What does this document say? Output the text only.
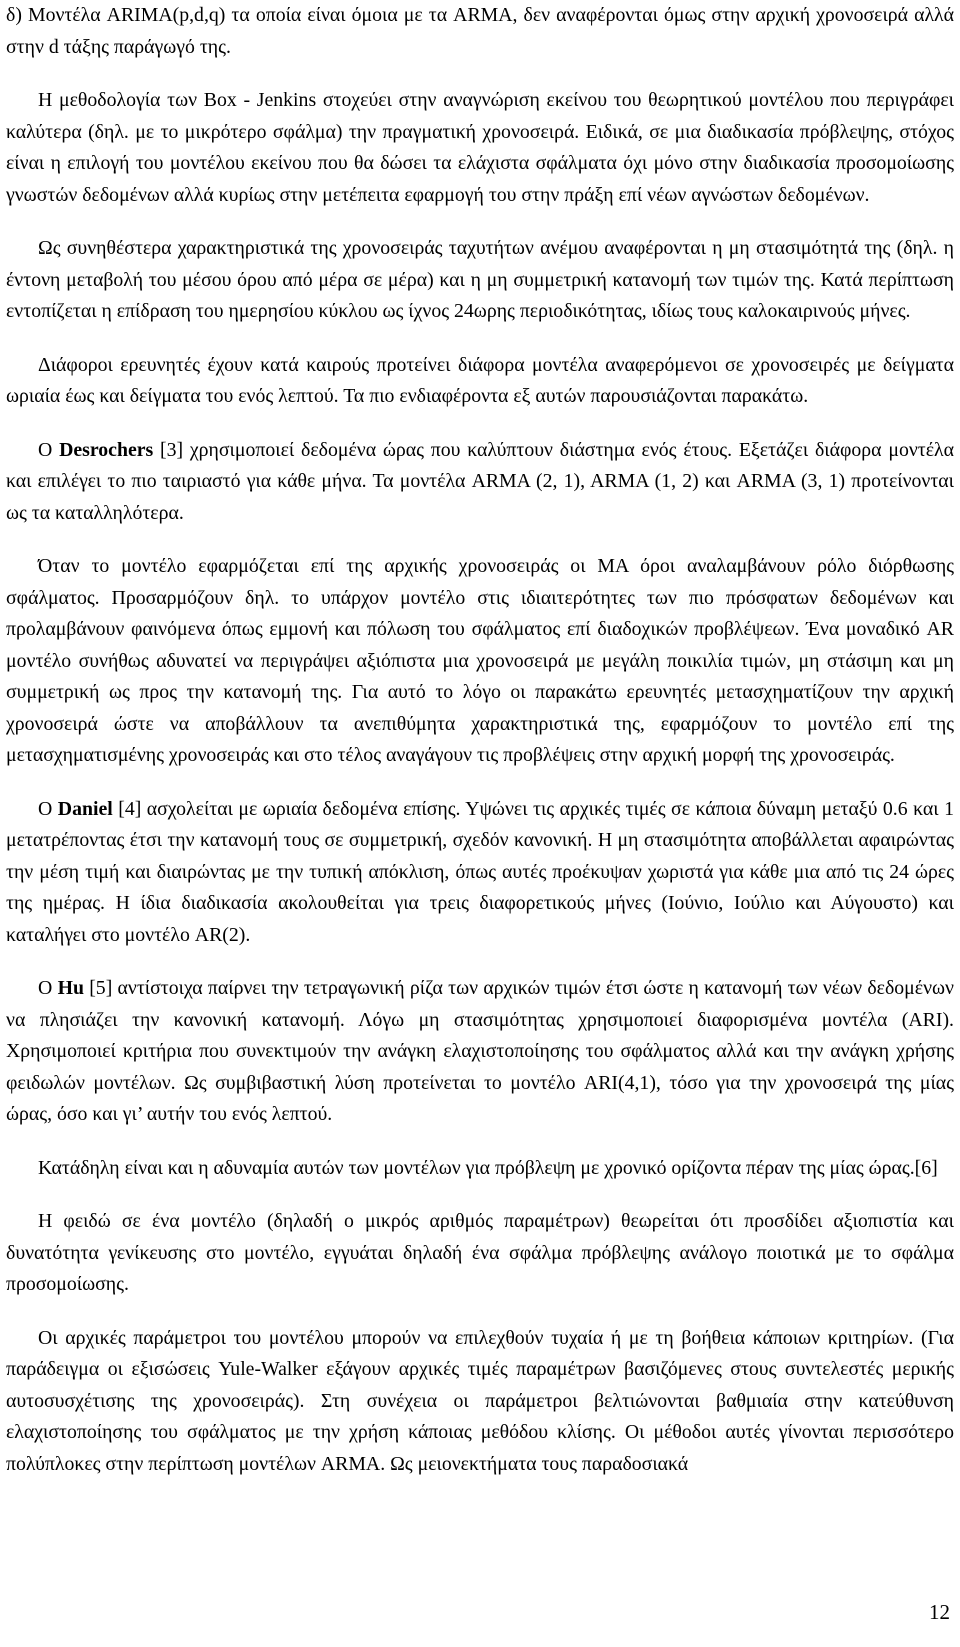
δ) Μοντέλα ARIMA(p,d,q) τα οποία είναι όμοια με τα ARMA, δεν αναφέρονται όμως στην αρχική χρονοσειρά αλλά στην d τάξης παράγωγό της.

Η μεθοδολογία των Box - Jenkins στοχεύει στην αναγνώριση εκείνου του θεωρητικού μοντέλου που περιγράφει καλύτερα (δηλ. με το μικρότερο σφάλμα) την πραγματική χρονοσειρά. Ειδικά, σε μια διαδικασία πρόβλεψης, στόχος είναι η επιλογή του μοντέλου εκείνου που θα δώσει τα ελάχιστα σφάλματα όχι μόνο στην διαδικασία προσομοίωσης γνωστών δεδομένων αλλά κυρίως στην μετέπειτα εφαρμογή του στην πράξη επί νέων αγνώστων δεδομένων.

Ως συνηθέστερα χαρακτηριστικά της χρονοσειράς ταχυτήτων ανέμου αναφέρονται η μη στασιμότητά της (δηλ. η έντονη μεταβολή του μέσου όρου από μέρα σε μέρα) και η μη συμμετρική κατανομή των τιμών της. Κατά περίπτωση εντοπίζεται η επίδραση του ημερησίου κύκλου ως ίχνος 24ωρης περιοδικότητας, ιδίως τους καλοκαιρινούς μήνες.

Διάφοροι ερευνητές έχουν κατά καιρούς προτείνει διάφορα μοντέλα αναφερόμενοι σε χρονοσειρές με δείγματα ωριαία έως και δείγματα του ενός λεπτού. Τα πιο ενδιαφέροντα εξ αυτών παρουσιάζονται παρακάτω.

Ο Desrochers [3] χρησιμοποιεί δεδομένα ώρας που καλύπτουν διάστημα ενός έτους. Εξετάζει διάφορα μοντέλα και επιλέγει το πιο ταιριαστό για κάθε μήνα. Τα μοντέλα ARMA (2, 1), ARMA (1, 2) και ARMA (3, 1) προτείνονται ως τα καταλληλότερα.

Όταν το μοντέλο εφαρμόζεται επί της αρχικής χρονοσειράς οι MA όροι αναλαμβάνουν ρόλο διόρθωσης σφάλματος. Προσαρμόζουν δηλ. το υπάρχον μοντέλο στις ιδιαιτερότητες των πιο πρόσφατων δεδομένων και προλαμβάνουν φαινόμενα όπως εμμονή και πόλωση του σφάλματος επί διαδοχικών προβλέψεων. Ένα μοναδικό AR μοντέλο συνήθως αδυνατεί να περιγράψει αξιόπιστα μια χρονοσειρά με μεγάλη ποικιλία τιμών, μη στάσιμη και μη συμμετρική ως προς την κατανομή της. Για αυτό το λόγο οι παρακάτω ερευνητές μετασχηματίζουν την αρχική χρονοσειρά ώστε να αποβάλλουν τα ανεπιθύμητα χαρακτηριστικά της, εφαρμόζουν το μοντέλο επί της μετασχηματισμένης χρονοσειράς και στο τέλος αναγάγουν τις προβλέψεις στην αρχική μορφή της χρονοσειράς.

Ο Daniel [4] ασχολείται με ωριαία δεδομένα επίσης. Υψώνει τις αρχικές τιμές σε κάποια δύναμη μεταξύ 0.6 και 1 μετατρέποντας έτσι την κατανομή τους σε συμμετρική, σχεδόν κανονική. Η μη στασιμότητα αποβάλλεται αφαιρώντας την μέση τιμή και διαιρώντας με την τυπική απόκλιση, όπως αυτές προέκυψαν χωριστά για κάθε μια από τις 24 ώρες της ημέρας. Η ίδια διαδικασία ακολουθείται για τρεις διαφορετικούς μήνες (Ιούνιο, Ιούλιο και Αύγουστο) και καταλήγει στο μοντέλο AR(2).

Ο Hu [5] αντίστοιχα παίρνει την τετραγωνική ρίζα των αρχικών τιμών έτσι ώστε η κατανομή των νέων δεδομένων να πλησιάζει την κανονική κατανομή. Λόγω μη στασιμότητας χρησιμοποιεί διαφορισμένα μοντέλα (ARI). Χρησιμοποιεί κριτήρια που συνεκτιμούν την ανάγκη ελαχιστοποίησης του σφάλματος αλλά και την ανάγκη χρήσης φειδωλών μοντέλων. Ως συμβιβαστική λύση προτείνεται το μοντέλο ARI(4,1), τόσο για την χρονοσειρά της μίας ώρας, όσο και γι’ αυτήν του ενός λεπτού.

Κατάδηλη είναι και η αδυναμία αυτών των μοντέλων για πρόβλεψη με χρονικό ορίζοντα πέραν της μίας ώρας.[6]

Η φειδώ σε ένα μοντέλο (δηλαδή ο μικρός αριθμός παραμέτρων) θεωρείται ότι προσδίδει αξιοπιστία και δυνατότητα γενίκευσης στο μοντέλο, εγγυάται δηλαδή ένα σφάλμα πρόβλεψης ανάλογο ποιοτικά με το σφάλμα προσομοίωσης.

Οι αρχικές παράμετροι του μοντέλου μπορούν να επιλεχθούν τυχαία ή με τη βοήθεια κάποιων κριτηρίων. (Για παράδειγμα οι εξισώσεις Yule-Walker εξάγουν αρχικές τιμές παραμέτρων βασιζόμενες στους συντελεστές μερικής αυτοσυσχέτισης της χρονοσειράς). Στη συνέχεια οι παράμετροι βελτιώνονται βαθμιαία στην κατεύθυνση ελαχιστοποίησης του σφάλματος με την χρήση κάποιας μεθόδου κλίσης. Οι μέθοδοι αυτές γίνονται περισσότερο πολύπλοκες στην περίπτωση μοντέλων ARMA. Ως μειονεκτήματα τους παραδοσιακά

12
